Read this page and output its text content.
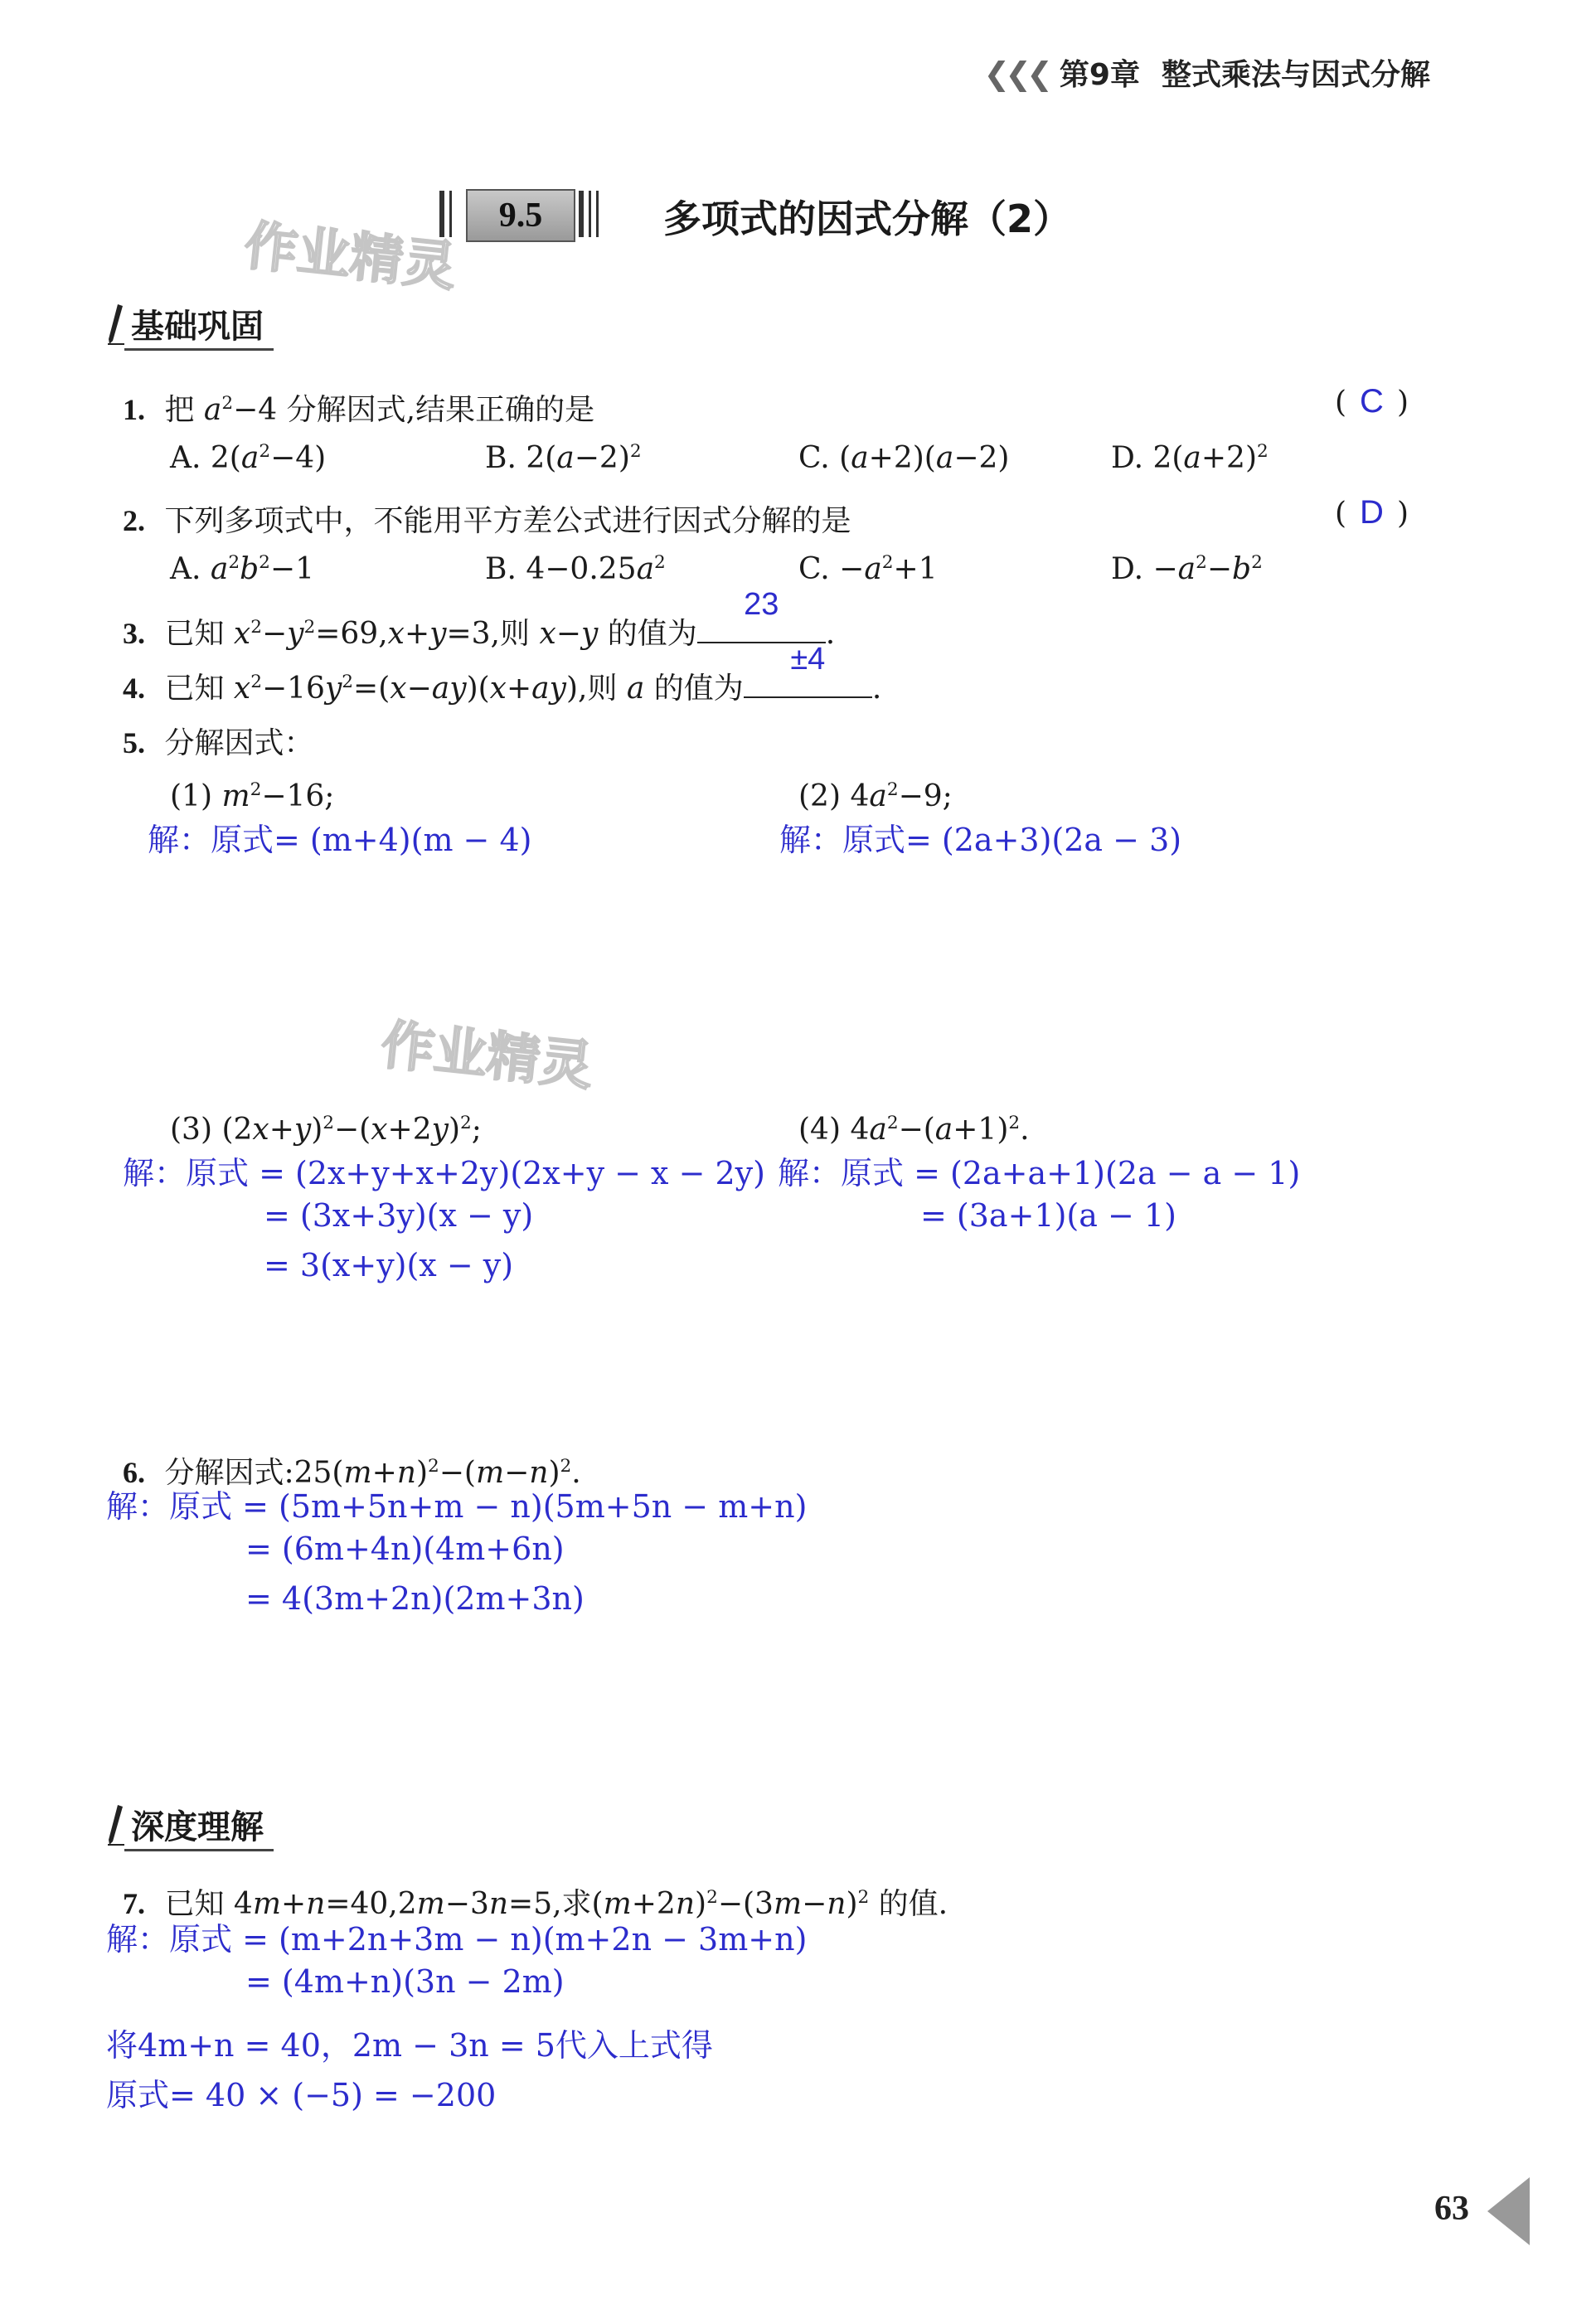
❮❮❮ 第9章 整式乘法与因式分解
9.5	多项式的因式分解（2）
作业精灵
作业精灵
基础巩固
1. 把 $a^2-4$ 分解因式,结果正确的是	( C )
A. $2(a^2-4)$	B. $2(a-2)^2$	C. (a+2)(a−2)	D. $2(a+2)^2$
2. 下列多项式中，不能用平方差公式进行因式分解的是	( D )
A. $a^2b^2-1$	B. $4-0.25a^2$	C. $-a^2+1$	D. $-a^2-b^2$
3. 已知 $x^2-y^2=69,x+y=3$,则 x−y 的值为
23
.
4. 已知 $x^2-16y^2=(x-ay)(x+ay)$,则 a 的值为
±4
.
5. 分解因式：
(1) $m^2-16$;	(2) $4a^2-9$;
解：原式= (m+4)(m − 4)	解：原式= (2a+3)(2a − 3)
(3) $(2x+y)^2-(x+2y)^2$;	(4) $4a^2-(a+1)^2$.
解：原式 = (2x+y+x+2y)(2x+y − x − 2y)
= (3x+3y)(x − y)
= 3(x+y)(x − y)
解：原式 = (2a+a+1)(2a − a − 1)
= (3a+1)(a − 1)
6. 分解因式$:25(m+n)^2-(m-n)^2$.
解：原式 = (5m+5n+m − n)(5m+5n − m+n)
= (6m+4n)(4m+6n)
= 4(3m+2n)(2m+3n)
深度理解
7. 已知 4m+n=40,2m−3n=5,求$(m+2n)^2-(3m-n)^2$ 的值.
解：原式 = (m+2n+3m − n)(m+2n − 3m+n)
= (4m+n)(3n − 2m)
将4m+n = 40，2m − 3n = 5代入上式得
原式= 40 × (−5) = −200
63
